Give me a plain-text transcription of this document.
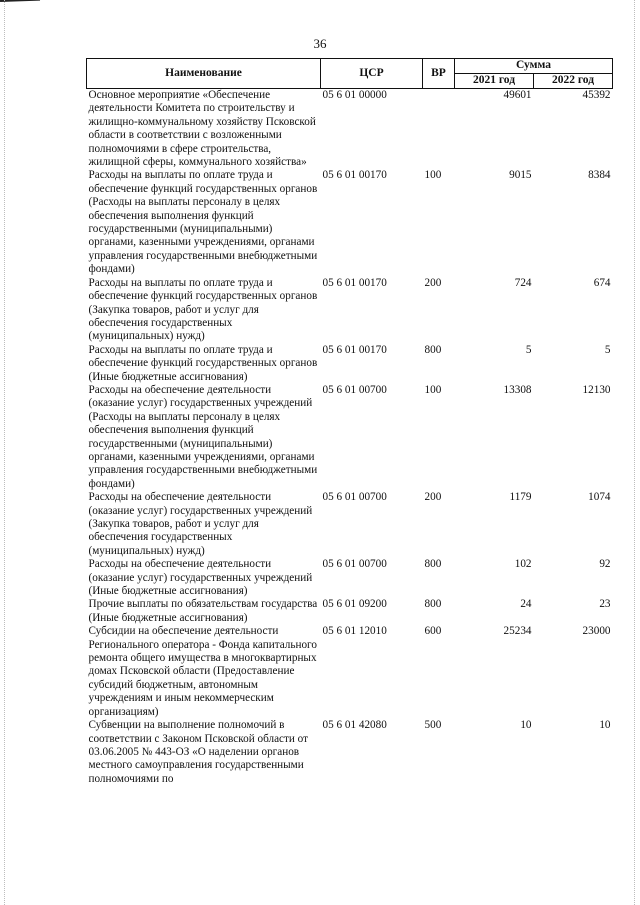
36
Наименование	ЦСР	ВР	Сумма	
			2021 год	2022 год
Основное мероприятие «Обеспечение деятельности Комитета по строительству и жилищно-коммунальному хозяйству Псковской области в соответствии с возложенными полномочиями в сфере строительства, жилищной сферы, коммунального хозяйства»	05 6 01 00000		49601	45392
Расходы на выплаты по оплате труда и обеспечение функций государственных органов (Расходы на выплаты персоналу в целях обеспечения выполнения функций государственными (муниципальными) органами, казенными учреждениями, органами управления государственными внебюджетными фондами)	05 6 01 00170	100	9015	8384
Расходы на выплаты по оплате труда и обеспечение функций государственных органов (Закупка товаров, работ и услуг для обеспечения государственных (муниципальных) нужд)	05 6 01 00170	200	724	674
Расходы на выплаты по оплате труда и обеспечение функций государственных органов (Иные бюджетные ассигнования)	05 6 01 00170	800	5	5
Расходы на обеспечение деятельности (оказание услуг) государственных учреждений (Расходы на выплаты персоналу в целях обеспечения выполнения функций государственными (муниципальными) органами, казенными учреждениями, органами управления государственными внебюджетными фондами)	05 6 01 00700	100	13308	12130
Расходы на обеспечение деятельности (оказание услуг) государственных учреждений (Закупка товаров, работ и услуг для обеспечения государственных (муниципальных) нужд)	05 6 01 00700	200	1179	1074
Расходы на обеспечение деятельности (оказание услуг) государственных учреждений (Иные бюджетные ассигнования)	05 6 01 00700	800	102	92
Прочие выплаты по обязательствам государства (Иные бюджетные ассигнования)	05 6 01 09200	800	24	23
Субсидии на обеспечение деятельности Регионального оператора - Фонда капитального ремонта общего имущества в многоквартирных домах Псковской области (Предоставление субсидий бюджетным, автономным учреждениям и иным некоммерческим организациям)	05 6 01 12010	600	25234	23000
Субвенции на выполнение полномочий в соответствии с Законом Псковской области от 03.06.2005 № 443-ОЗ «О наделении органов местного самоуправления государственными полномочиями по	05 6 01 42080	500	10	10
